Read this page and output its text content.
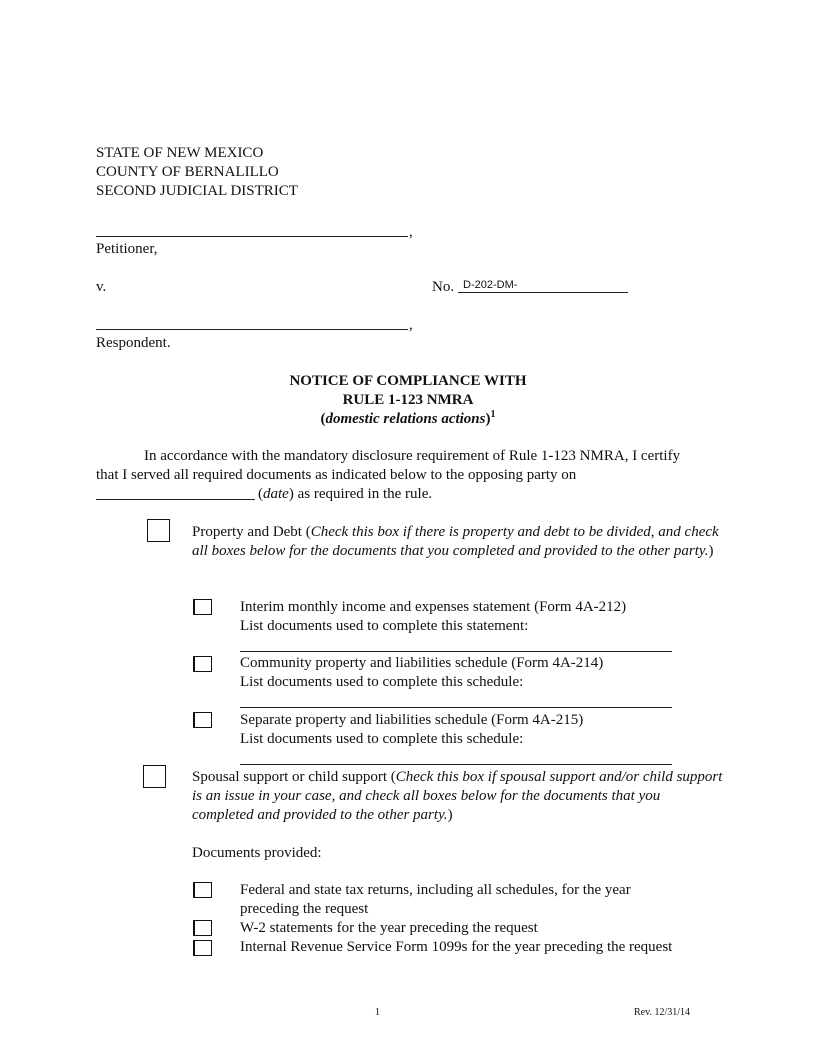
STATE OF NEW MEXICO
COUNTY OF BERNALILLO
SECOND JUDICIAL DISTRICT
,
Petitioner,
v.	No. D-202-DM-
,
Respondent.
NOTICE OF COMPLIANCE WITH
RULE 1-123 NMRA
(domestic relations actions)$^1$
In accordance with the mandatory disclosure requirement of Rule 1-123 NMRA, I certify
that I served all required documents as indicated below to the opposing party on
(date) as required in the rule.
Property and Debt (Check this box if there is property and debt to be divided, and check all boxes below for the documents that you completed and provided to the other party.)
Interim monthly income and expenses statement (Form 4A-212)
List documents used to complete this statement:
Community property and liabilities schedule (Form 4A-214)
List documents used to complete this schedule:
Separate property and liabilities schedule (Form 4A-215)
List documents used to complete this schedule:
Spousal support or child support (Check this box if spousal support and/or child support is an issue in your case, and check all boxes below for the documents that you completed and provided to the other party.)
Documents provided:
Federal and state tax returns, including all schedules, for the year
preceding the request
W-2 statements for the year preceding the request
Internal Revenue Service Form 1099s for the year preceding the request
1	Rev. 12/31/14
